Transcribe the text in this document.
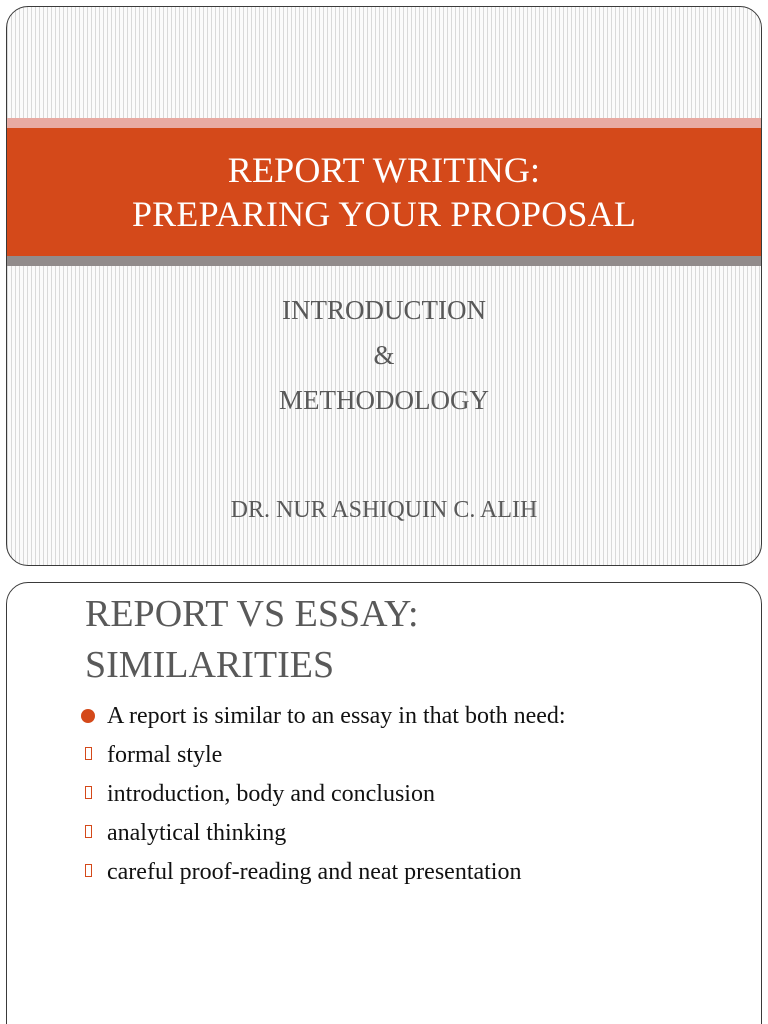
REPORT WRITING:
PREPARING YOUR PROPOSAL
INTRODUCTION
&
METHODOLOGY
DR. NUR ASHIQUIN C. ALIH
REPORT VS ESSAY:
SIMILARITIES
A report is similar to an essay in that both need:
formal style
introduction, body and conclusion
analytical thinking
careful proof-reading and neat presentation
